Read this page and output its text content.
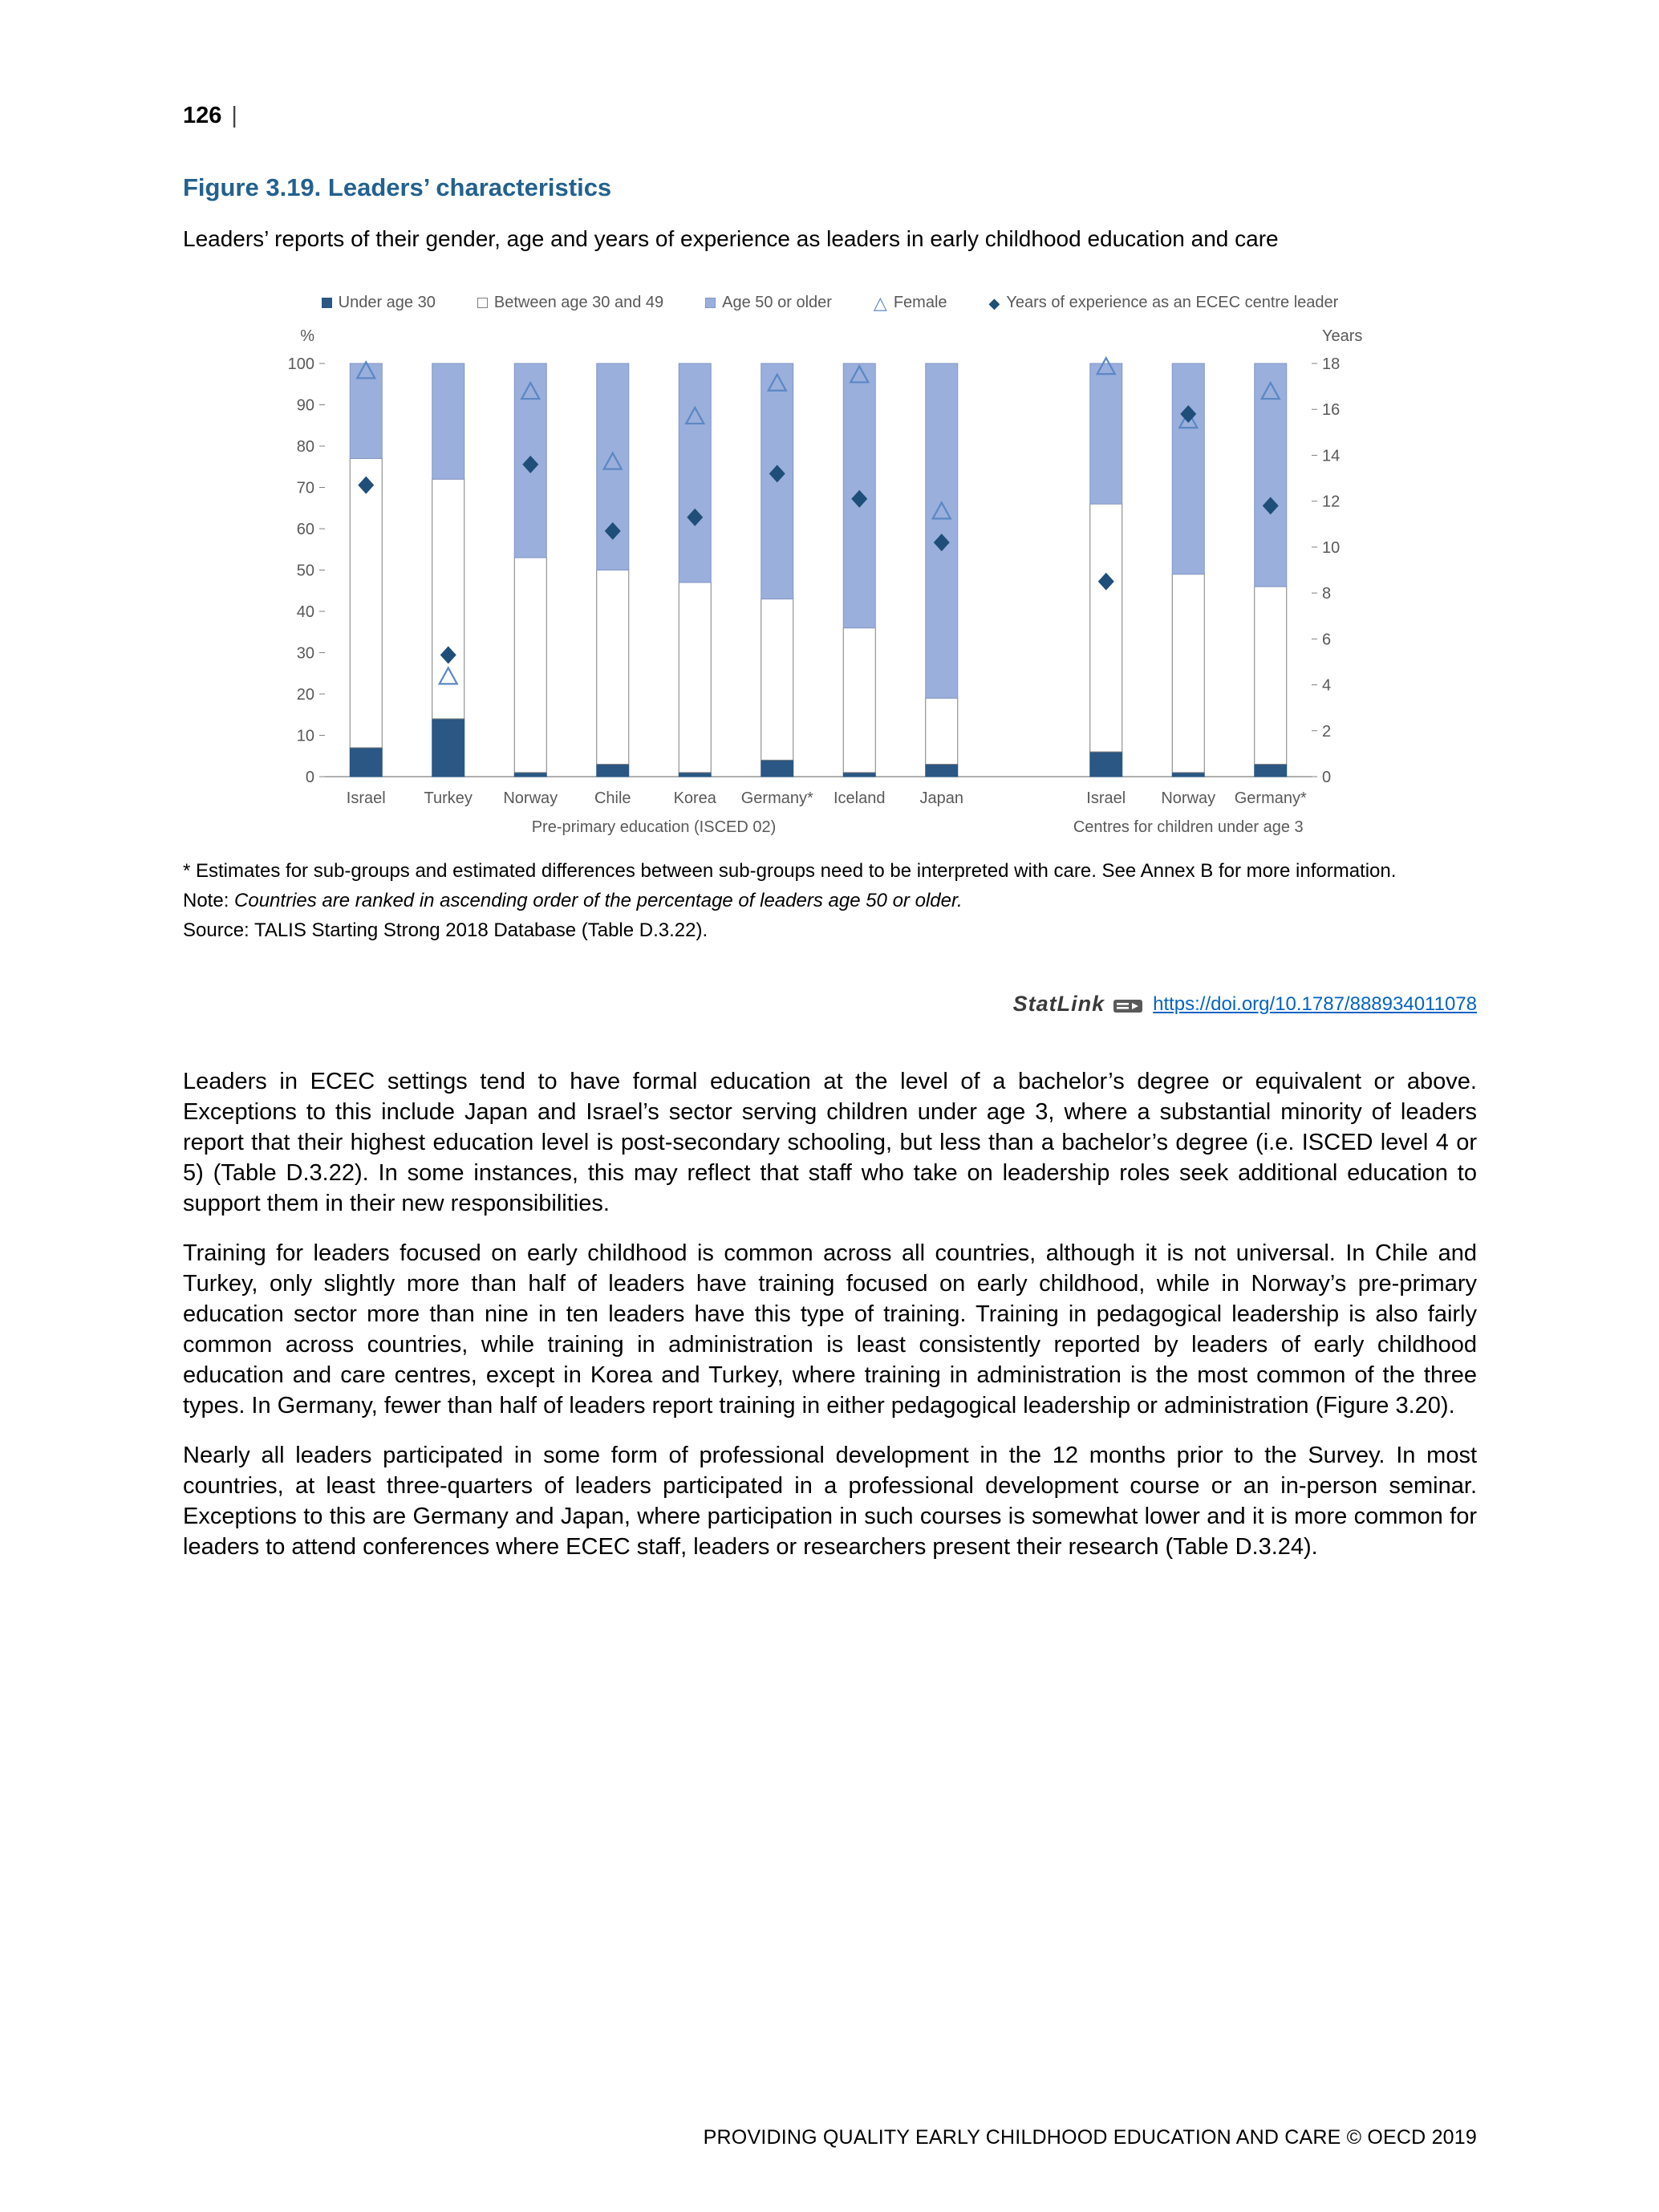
126 |
Figure 3.19. Leaders’ characteristics

Leaders’ reports of their gender, age and years of experience as leaders in early childhood education and care

Under age 30	Between age 30 and 49	Age 50 or older △ Female	◆ Years of experience as an ECEC centre leader
%	Years
0
10
20
30
40
50
60
70
80
90
100
0
2
4
6
8
10
12
14
16
18
Israel Turkey Norway Chile	Korea Germany* Iceland Japan	Israel Norway Germany*
Pre-primary education (ISCED 02)	Centres for children under age 3

* Estimates for sub-groups and estimated differences between sub-groups need to be interpreted with care. See Annex B for more information.

Note: Countries are ranked in ascending order of the percentage of leaders age 50 or older.

Source: TALIS Starting Strong 2018 Database (Table D.3.22).

StatLink	https://doi.org/10.1787/888934011078

Leaders in ECEC settings tend to have formal education at the level of a bachelor’s degree or equivalent or above. Exceptions to this include Japan and Israel’s sector serving children under age 3, where a substantial minority of leaders report that their highest education level is post-secondary schooling, but less than a bachelor’s degree (i.e. ISCED level 4 or 5) (Table D.3.22). In some instances, this may reflect that staff who take on leadership roles seek additional education to support them in their new responsibilities.

Training for leaders focused on early childhood is common across all countries, although it is not universal. In Chile and Turkey, only slightly more than half of leaders have training focused on early childhood, while in Norway’s pre-primary education sector more than nine in ten leaders have this type of training. Training in pedagogical leadership is also fairly common across countries, while training in administration is least consistently reported by leaders of early childhood education and care centres, except in Korea and Turkey, where training in administration is the most common of the three types. In Germany, fewer than half of leaders report training in either pedagogical leadership or administration (Figure 3.20).

Nearly all leaders participated in some form of professional development in the 12 months prior to the Survey. In most countries, at least three-quarters of leaders participated in a professional development course or an in-person seminar. Exceptions to this are Germany and Japan, where participation in such courses is somewhat lower and it is more common for leaders to attend conferences where ECEC staff, leaders or researchers present their research (Table D.3.24).

PROVIDING QUALITY EARLY CHILDHOOD EDUCATION AND CARE © OECD 2019
